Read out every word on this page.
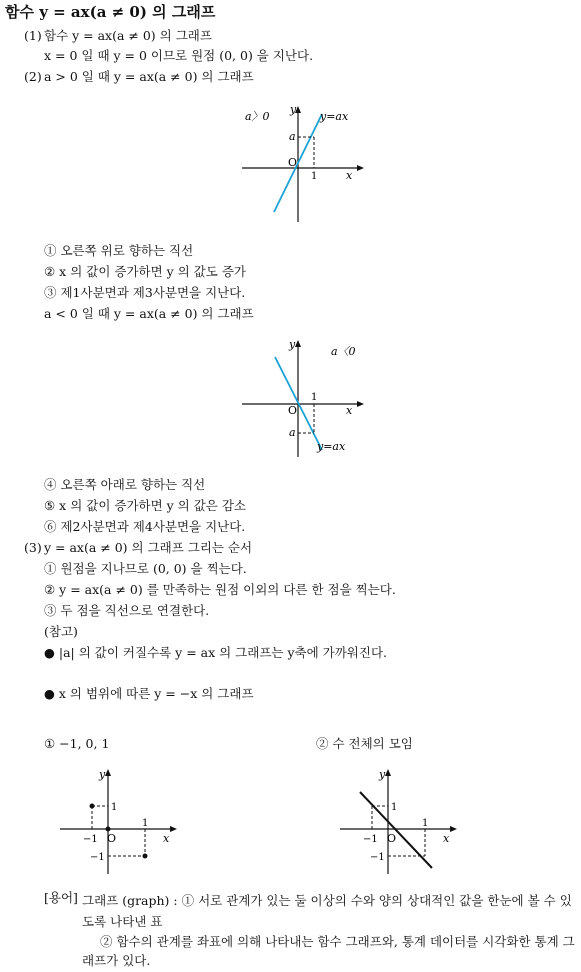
함수 y = ax(a ≠ 0) 의 그래프
(1) 함수 y = ax(a ≠ 0) 의 그래프
x = 0 일 때 y = 0 이므로 원점 (0, 0) 을 지난다.
(2) a > 0 일 때 y = ax(a ≠ 0) 의 그래프
a〉0
y
y=ax
a
O
1	x
① 오른쪽 위로 향하는 직선
② x 의 값이 증가하면 y 의 값도 증가
③ 제1사분면과 제3사분면을 지난다.
a < 0 일 때 y = ax(a ≠ 0) 의 그래프
y
a〈0
1
O	x
a
y=ax
④ 오른쪽 아래로 향하는 직선
⑤ x 의 값이 증가하면 y 의 값은 감소
⑥ 제2사분면과 제4사분면을 지난다.
(3) y = ax(a ≠ 0) 의 그래프 그리는 순서
① 원점을 지나므로 (0, 0) 을 찍는다.
② y = ax(a ≠ 0) 를 만족하는 원점 이외의 다른 한 점을 찍는다.
③ 두 점을 직선으로 연결한다.
(참고)
● |a| 의 값이 커질수록 y = ax 의 그래프는 y축에 가까워진다.
● x 의 범위에 따른 y = −x 의 그래프
① −1, 0, 1	② 수 전체의 모임
y
1
1
−1 O	x
−1
y
1
1
−1 O	x
−1
[용어] 그래프 (graph) : ① 서로 관계가 있는 둘 이상의 수와 양의 상대적인 값을 한눈에 볼 수 있도록 나타낸 표
② 함수의 관계를 좌표에 의해 나타내는 함수 그래프와, 통계 데이터를 시각화한 통계 그래프가 있다.
